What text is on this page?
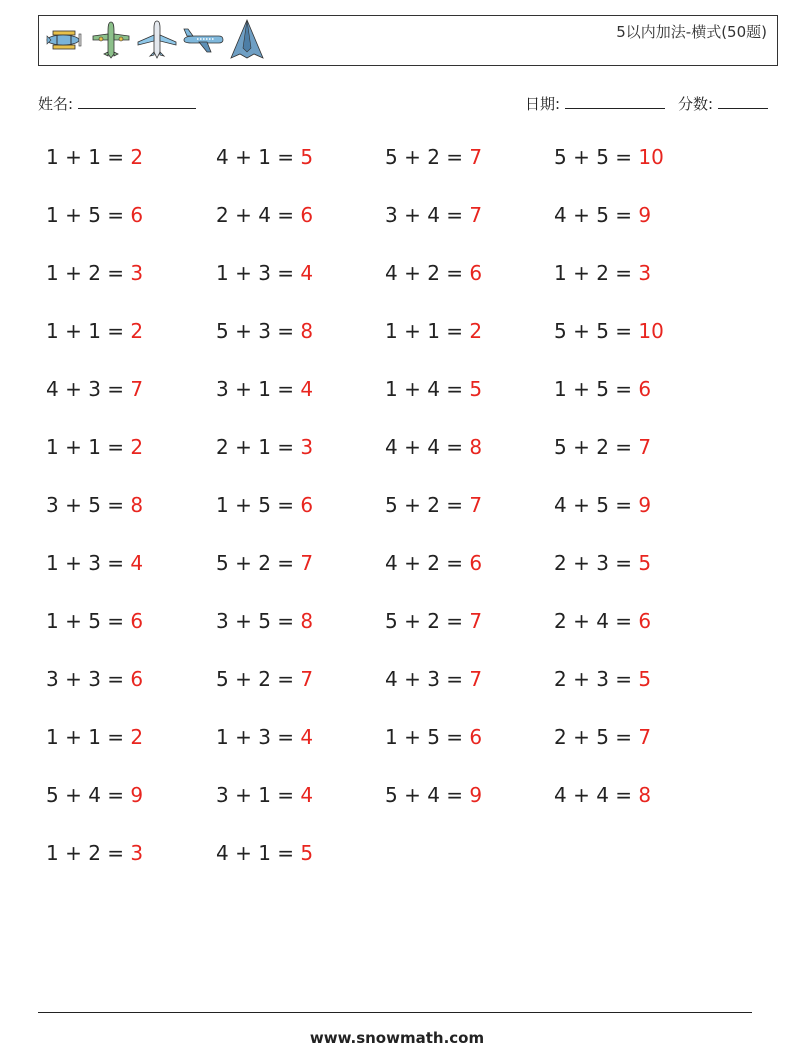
5以内加法-横式(50题)
姓名:	日期:	分数:
1 + 1 = 2	4 + 1 = 5	5 + 2 = 7	5 + 5 = 10
1 + 5 = 6	2 + 4 = 6	3 + 4 = 7	4 + 5 = 9
1 + 2 = 3	1 + 3 = 4	4 + 2 = 6	1 + 2 = 3
1 + 1 = 2	5 + 3 = 8	1 + 1 = 2	5 + 5 = 10
4 + 3 = 7	3 + 1 = 4	1 + 4 = 5	1 + 5 = 6
1 + 1 = 2	2 + 1 = 3	4 + 4 = 8	5 + 2 = 7
3 + 5 = 8	1 + 5 = 6	5 + 2 = 7	4 + 5 = 9
1 + 3 = 4	5 + 2 = 7	4 + 2 = 6	2 + 3 = 5
1 + 5 = 6	3 + 5 = 8	5 + 2 = 7	2 + 4 = 6
3 + 3 = 6	5 + 2 = 7	4 + 3 = 7	2 + 3 = 5
1 + 1 = 2	1 + 3 = 4	1 + 5 = 6	2 + 5 = 7
5 + 4 = 9	3 + 1 = 4	5 + 4 = 9	4 + 4 = 8
1 + 2 = 3	4 + 1 = 5
www.snowmath.com
